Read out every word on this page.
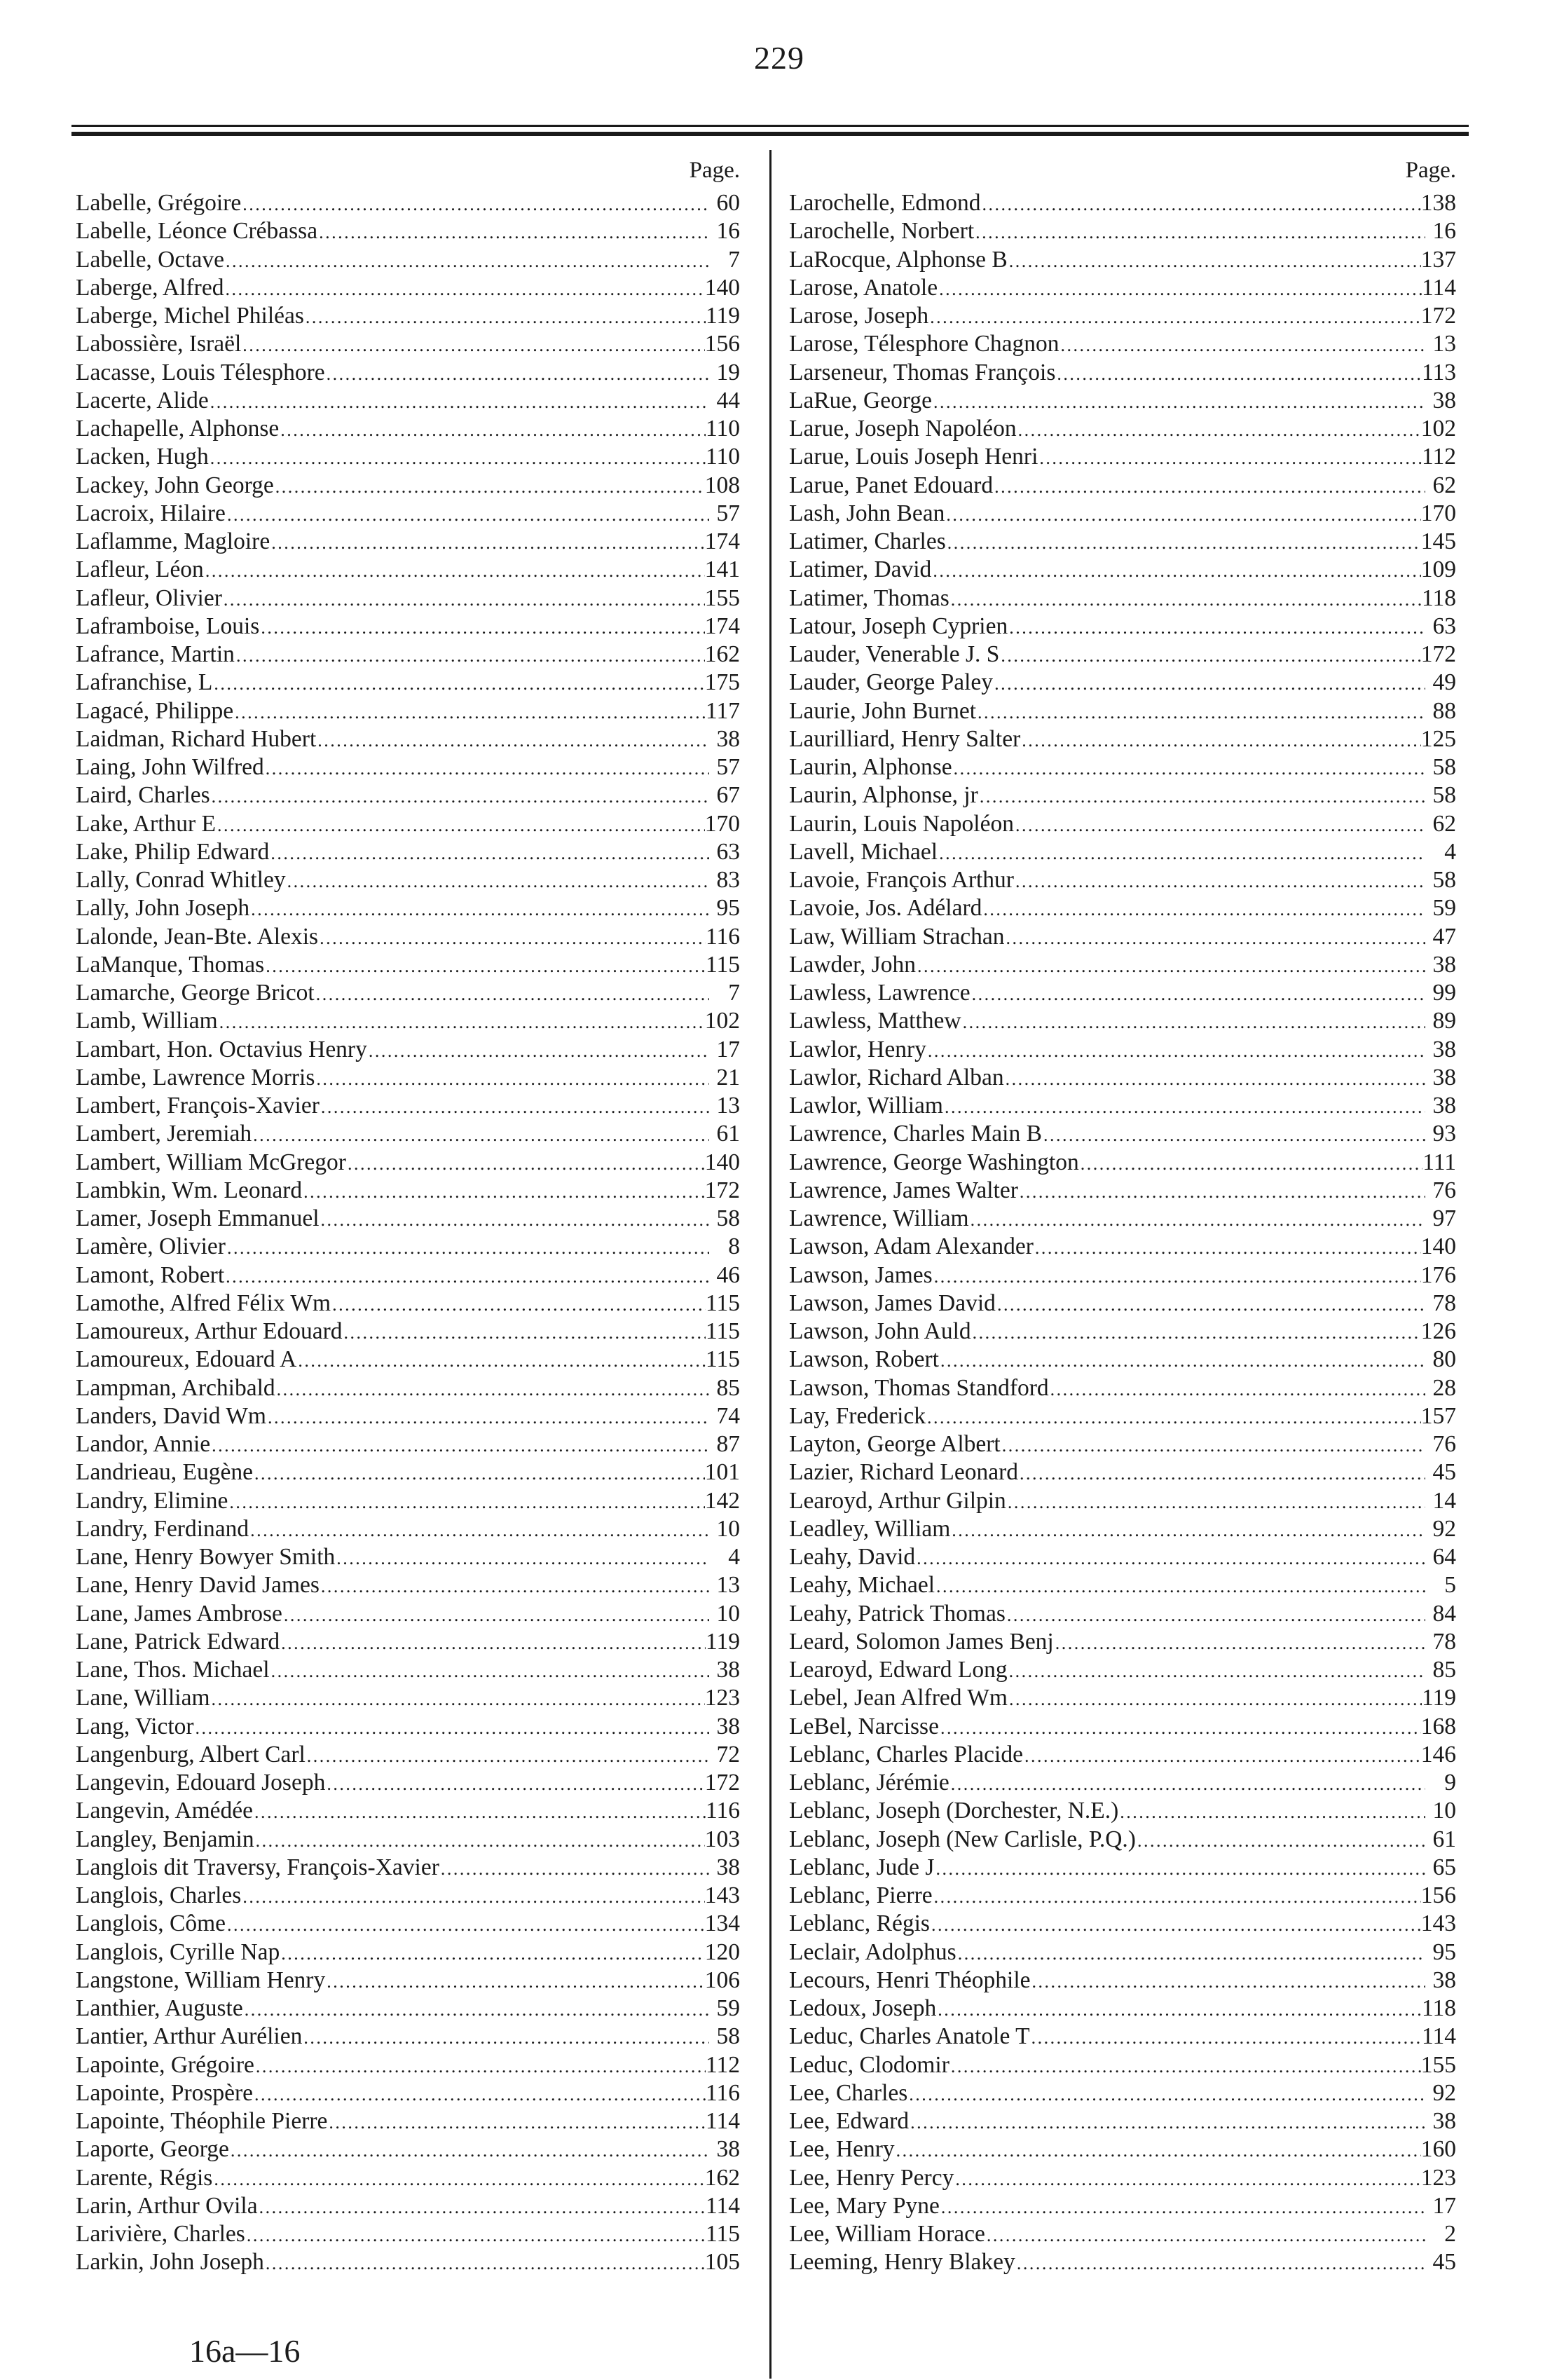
229
Page.
Labelle, Grégoire . . .	60
Labelle, Léonce Crébassa . . .	16
Labelle, Octave . . .	7
Laberge, Alfred . . .	140
Laberge, Michel Philéas . . .	119
Labossière, Israël . . .	156
Lacasse, Louis Télesphore . . .	19
Lacerte, Alide . . .	44
Lachapelle, Alphonse . . .	110
Lacken, Hugh . . .	110
Lackey, John George . . .	108
Lacroix, Hilaire . . .	57
Laflamme, Magloire . . .	174
Lafleur, Léon . . .	141
Lafleur, Olivier . . .	155
Laframboise, Louis . . .	174
Lafrance, Martin . . .	162
Lafranchise, L . . .	175
Lagacé, Philippe . . .	117
Laidman, Richard Hubert . . .	38
Laing, John Wilfred . . .	57
Laird, Charles . . .	67
Lake, Arthur E . . .	170
Lake, Philip Edward . . .	63
Lally, Conrad Whitley . . .	83
Lally, John Joseph . . .	95
Lalonde, Jean-Bte. Alexis . . .	116
LaManque, Thomas . . .	115
Lamarche, George Bricot . . .	7
Lamb, William . . .	102
Lambart, Hon. Octavius Henry . . .	17
Lambe, Lawrence Morris . . .	21
Lambert, François-Xavier . . .	13
Lambert, Jeremiah . . .	61
Lambert, William McGregor . . .	140
Lambkin, Wm. Leonard . . .	172
Lamer, Joseph Emmanuel . . .	58
Lamère, Olivier . . .	8
Lamont, Robert . . .	46
Lamothe, Alfred Félix Wm . . .	115
Lamoureux, Arthur Edouard . . .	115
Lamoureux, Edouard A . . .	115
Lampman, Archibald . . .	85
Landers, David Wm . . .	74
Landor, Annie . . .	87
Landrieau, Eugène . . .	101
Landry, Elimine . . .	142
Landry, Ferdinand . . .	10
Lane, Henry Bowyer Smith . . .	4
Lane, Henry David James . . .	13
Lane, James Ambrose . . .	10
Lane, Patrick Edward . . .	119
Lane, Thos. Michael . . .	38
Lane, William . . .	123
Lang, Victor . . .	38
Langenburg, Albert Carl . . .	72
Langevin, Edouard Joseph . . .	172
Langevin, Amédée . . .	116
Langley, Benjamin . . .	103
Langlois dit Traversy, François-Xavier . . .	38
Langlois, Charles . . .	143
Langlois, Côme . . .	134
Langlois, Cyrille Nap . . .	120
Langstone, William Henry . . .	106
Lanthier, Auguste . . .	59
Lantier, Arthur Aurélien . . .	58
Lapointe, Grégoire . . .	112
Lapointe, Prospère . . .	116
Lapointe, Théophile Pierre . . .	114
Laporte, George . . .	38
Larente, Régis . . .	162
Larin, Arthur Ovila . . .	114
Larivière, Charles . . .	115
Larkin, John Joseph . . .	105
Page.
Larochelle, Edmond . . .	138
Larochelle, Norbert . . .	16
LaRocque, Alphonse B . . .	137
Larose, Anatole . . .	114
Larose, Joseph . . .	172
Larose, Télesphore Chagnon . . .	13
Larseneur, Thomas François . . .	113
LaRue, George . . .	38
Larue, Joseph Napoléon . . .	102
Larue, Louis Joseph Henri . . .	112
Larue, Panet Edouard . . .	62
Lash, John Bean . . .	170
Latimer, Charles . . .	145
Latimer, David . . .	109
Latimer, Thomas . . .	118
Latour, Joseph Cyprien . . .	63
Lauder, Venerable J. S . . .	172
Lauder, George Paley . . .	49
Laurie, John Burnet . . .	88
Laurilliard, Henry Salter . . .	125
Laurin, Alphonse . . .	58
Laurin, Alphonse, jr . . .	58
Laurin, Louis Napoléon . . .	62
Lavell, Michael . . .	4
Lavoie, François Arthur . . .	58
Lavoie, Jos. Adélard . . .	59
Law, William Strachan . . .	47
Lawder, John . . .	38
Lawless, Lawrence . . .	99
Lawless, Matthew . . .	89
Lawlor, Henry . . .	38
Lawlor, Richard Alban . . .	38
Lawlor, William . . .	38
Lawrence, Charles Main B . . .	93
Lawrence, George Washington . . .	111
Lawrence, James Walter . . .	76
Lawrence, William . . .	97
Lawson, Adam Alexander . . .	140
Lawson, James . . .	176
Lawson, James David . . .	78
Lawson, John Auld . . .	126
Lawson, Robert . . .	80
Lawson, Thomas Standford . . .	28
Lay, Frederick . . .	157
Layton, George Albert . . .	76
Lazier, Richard Leonard . . .	45
Learoyd, Arthur Gilpin . . .	14
Leadley, William . . .	92
Leahy, David . . .	64
Leahy, Michael . . .	5
Leahy, Patrick Thomas . . .	84
Leard, Solomon James Benj . . .	78
Learoyd, Edward Long . . .	85
Lebel, Jean Alfred Wm . . .	119
LeBel, Narcisse . . .	168
Leblanc, Charles Placide . . .	146
Leblanc, Jérémie . . .	9
Leblanc, Joseph (Dorchester, N.E.) . . .	10
Leblanc, Joseph (New Carlisle, P.Q.) . . .	61
Leblanc, Jude J . . .	65
Leblanc, Pierre . . .	156
Leblanc, Régis . . .	143
Leclair, Adolphus . . .	95
Lecours, Henri Théophile . . .	38
Ledoux, Joseph . . .	118
Leduc, Charles Anatole T . . .	114
Leduc, Clodomir . . .	155
Lee, Charles . . .	92
Lee, Edward . . .	38
Lee, Henry . . .	160
Lee, Henry Percy . . .	123
Lee, Mary Pyne . . .	17
Lee, William Horace . . .	2
Leeming, Henry Blakey . . .	45
16a—16
